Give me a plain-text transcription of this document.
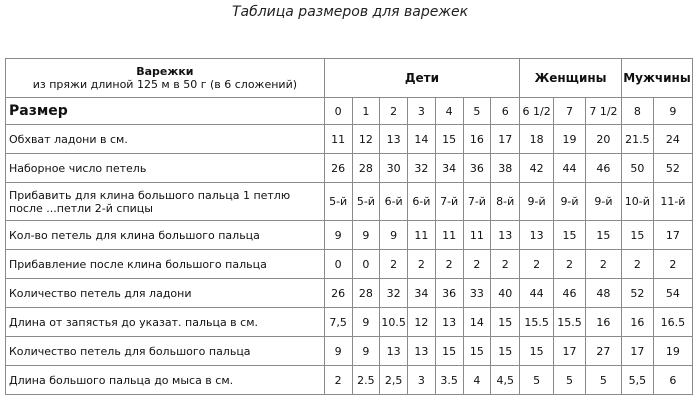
Таблица размеров для варежек
Варежки
из пряжи длиной 125 м в 50 г (в 6 сложений)	Дети							Женщины			Мужчины	
Размер	0	1	2	3	4	5	6	6 1/2	7	7 1/2	8	9
Обхват ладони в см.	11	12	13	14	15	16	17	18	19	20	21.5	24
Наборное число петель	26	28	30	32	34	36	38	42	44	46	50	52
Прибавить для клина большого пальца 1 петлю после ...петли 2-й спицы	5-й	5-й	6-й	6-й	7-й	7-й	8-й	9-й	9-й	9-й	10-й	11-й
Кол-во петель для клина большого пальца	9	9	9	11	11	11	13	13	15	15	15	17
Прибавление после клина большого пальца	0	0	2	2	2	2	2	2	2	2	2	2
Количество петель для ладони	26	28	32	34	36	33	40	44	46	48	52	54
Длина от запястья до указат. пальца в см.	7,5	9	10.5	12	13	14	15	15.5	15.5	16	16	16.5
Количество петель для большого пальца	9	9	13	13	15	15	15	15	17	27	17	19
Длина большого пальца до мыса в см.	2	2.5	2,5	3	3.5	4	4,5	5	5	5	5,5	6
